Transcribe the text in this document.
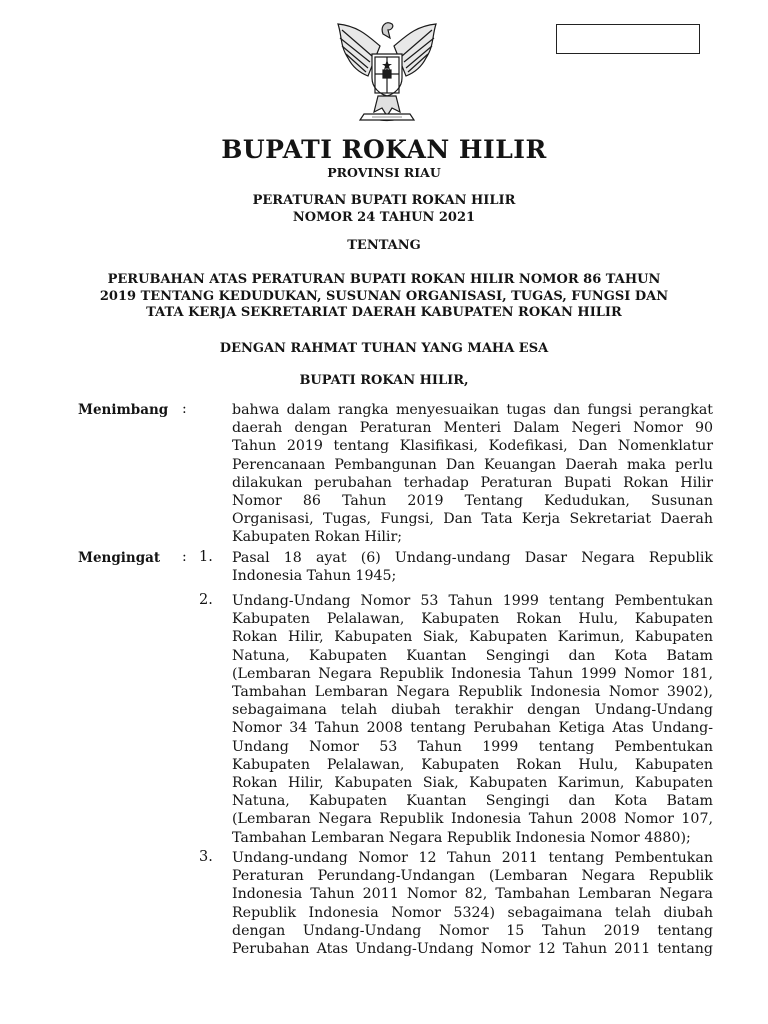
BUPATI ROKAN HILIR
PROVINSI RIAU
PERATURAN BUPATI ROKAN HILIR
NOMOR 24 TAHUN 2021
TENTANG
PERUBAHAN ATAS PERATURAN BUPATI ROKAN HILIR NOMOR 86 TAHUN
2019 TENTANG KEDUDUKAN, SUSUNAN ORGANISASI, TUGAS, FUNGSI DAN
TATA KERJA SEKRETARIAT DAERAH KABUPATEN ROKAN HILIR
DENGAN RAHMAT TUHAN YANG MAHA ESA
BUPATI ROKAN HILIR,
Menimbang :	bahwa dalam rangka menyesuaikan tugas dan fungsi perangkat
daerah dengan Peraturan Menteri Dalam Negeri Nomor 90
Tahun 2019 tentang Klasifikasi, Kodefikasi, Dan Nomenklatur
Perencanaan Pembangunan Dan Keuangan Daerah maka perlu
dilakukan perubahan terhadap Peraturan Bupati Rokan Hilir
Nomor 86 Tahun 2019 Tentang Kedudukan, Susunan
Organisasi, Tugas, Fungsi, Dan Tata Kerja Sekretariat Daerah
Kabupaten Rokan Hilir;
Mengingat : 1. Pasal 18 ayat (6) Undang-undang Dasar Negara Republik
Indonesia Tahun 1945;
2. Undang-Undang Nomor 53 Tahun 1999 tentang Pembentukan
Kabupaten Pelalawan, Kabupaten Rokan Hulu, Kabupaten
Rokan Hilir, Kabupaten Siak, Kabupaten Karimun, Kabupaten
Natuna, Kabupaten Kuantan Sengingi dan Kota Batam
(Lembaran Negara Republik Indonesia Tahun 1999 Nomor 181,
Tambahan Lembaran Negara Republik Indonesia Nomor 3902),
sebagaimana telah diubah terakhir dengan Undang-Undang
Nomor 34 Tahun 2008 tentang Perubahan Ketiga Atas Undang-
Undang Nomor 53 Tahun 1999 tentang Pembentukan
Kabupaten Pelalawan, Kabupaten Rokan Hulu, Kabupaten
Rokan Hilir, Kabupaten Siak, Kabupaten Karimun, Kabupaten
Natuna, Kabupaten Kuantan Sengingi dan Kota Batam
(Lembaran Negara Republik Indonesia Tahun 2008 Nomor 107,
Tambahan Lembaran Negara Republik Indonesia Nomor 4880);
3. Undang-undang Nomor 12 Tahun 2011 tentang Pembentukan
Peraturan Perundang-Undangan (Lembaran Negara Republik
Indonesia Tahun 2011 Nomor 82, Tambahan Lembaran Negara
Republik Indonesia Nomor 5324) sebagaimana telah diubah
dengan Undang-Undang Nomor 15 Tahun 2019 tentang
Perubahan Atas Undang-Undang Nomor 12 Tahun 2011 tentang
